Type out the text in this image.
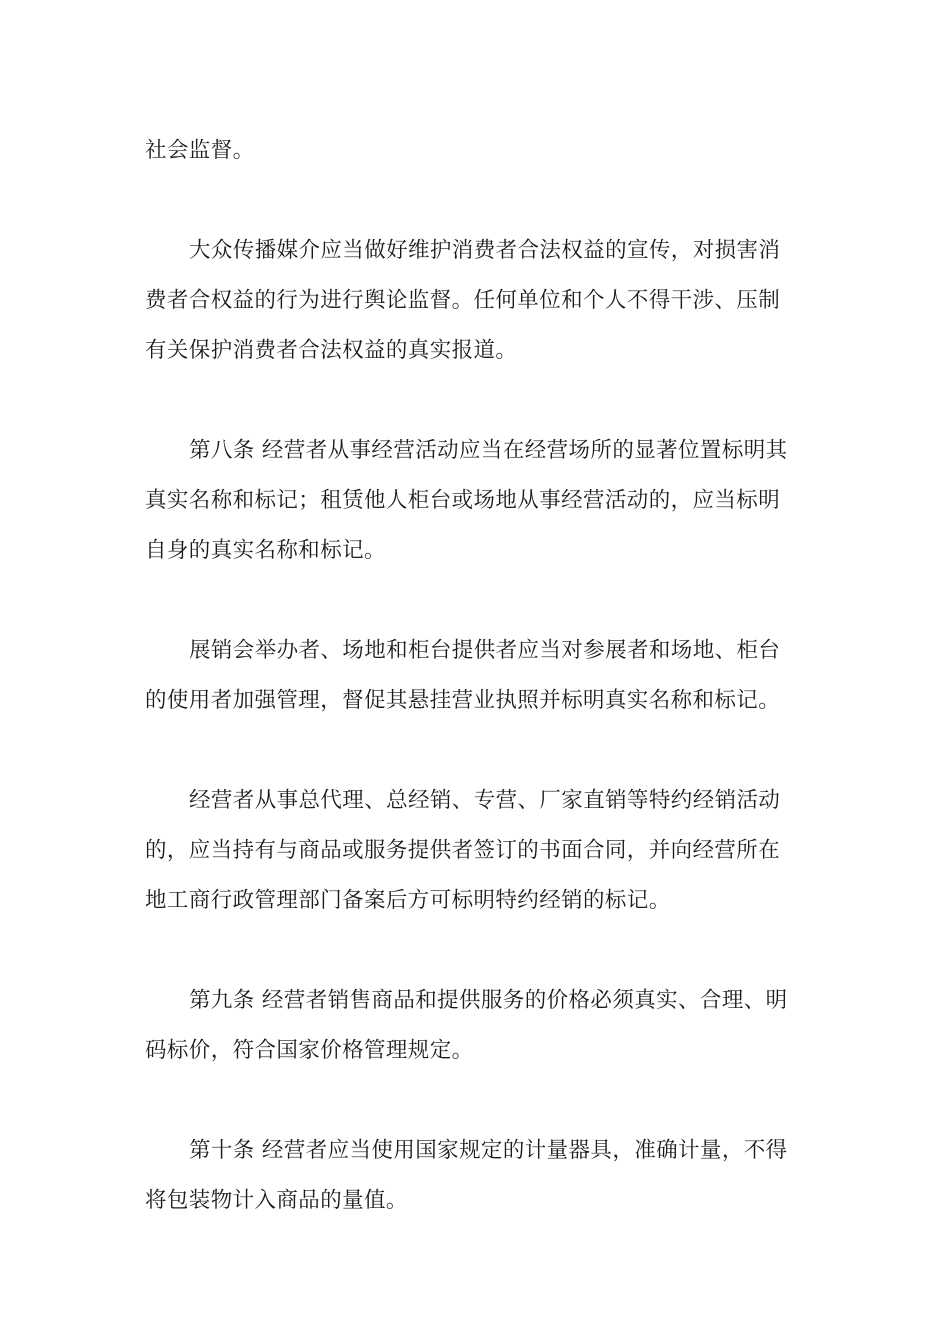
社会监督。
大众传播媒介应当做好维护消费者合法权益的宣传，对损害消
费者合权益的行为进行舆论监督。任何单位和个人不得干涉、压制
有关保护消费者合法权益的真实报道。
第八条 经营者从事经营活动应当在经营场所的显著位置标明其
真实名称和标记；租赁他人柜台或场地从事经营活动的，应当标明
自身的真实名称和标记。
展销会举办者、场地和柜台提供者应当对参展者和场地、柜台
的使用者加强管理，督促其悬挂营业执照并标明真实名称和标记。
经营者从事总代理、总经销、专营、厂家直销等特约经销活动
的，应当持有与商品或服务提供者签订的书面合同，并向经营所在
地工商行政管理部门备案后方可标明特约经销的标记。
第九条 经营者销售商品和提供服务的价格必须真实、合理、明
码标价，符合国家价格管理规定。
第十条 经营者应当使用国家规定的计量器具，准确计量，不得
将包装物计入商品的量值。
